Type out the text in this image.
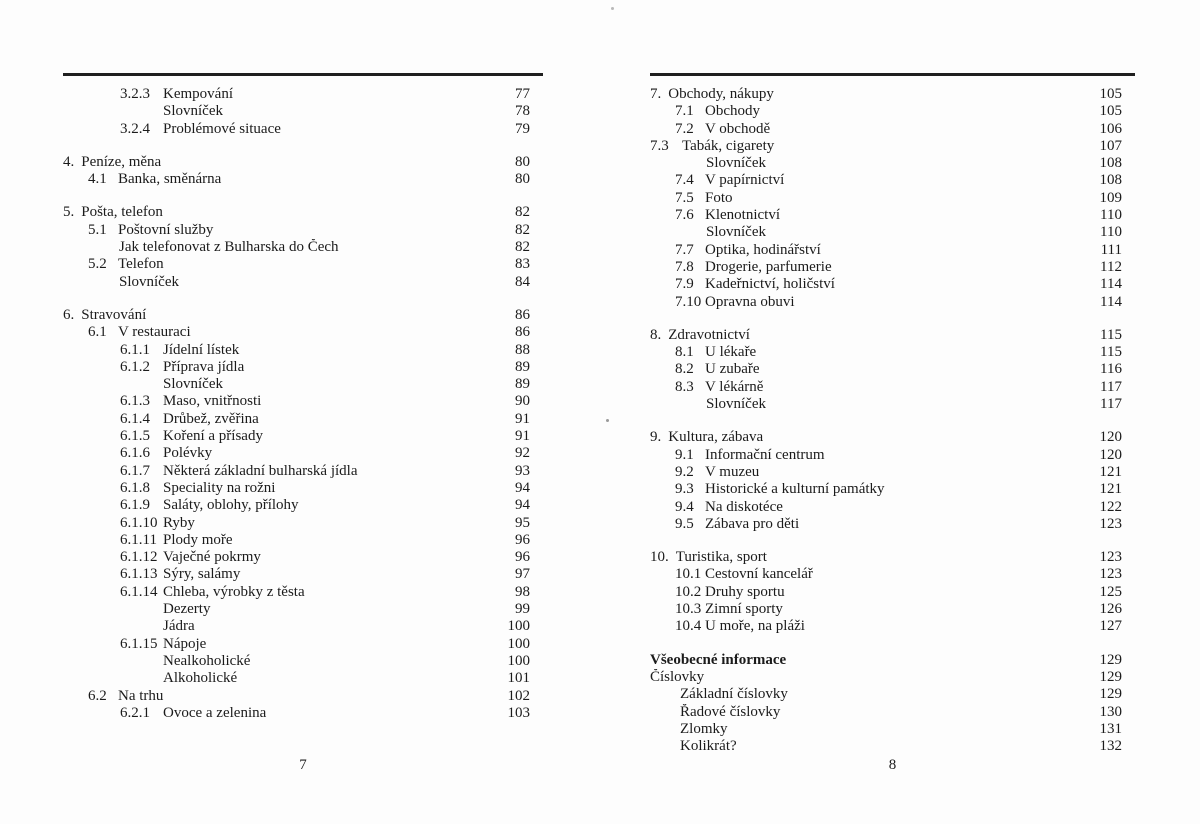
3.2.3 Kempování	77
Slovníček	78
3.2.4 Problémové situace	79
4. Peníze, měna	80
4.1 Banka, směnárna	80
5. Pošta, telefon	82
5.1 Poštovní služby	82
Jak telefonovat z Bulharska do Čech	82
5.2 Telefon	83
Slovníček	84
6. Stravování	86
6.1 V restauraci	86
6.1.1 Jídelní lístek	88
6.1.2 Příprava jídla	89
Slovníček	89
6.1.3 Maso, vnitřnosti	90
6.1.4 Drůbež, zvěřina	91
6.1.5 Koření a přísady	91
6.1.6 Polévky	92
6.1.7 Některá základní bulharská jídla	93
6.1.8 Speciality na rožni	94
6.1.9 Saláty, oblohy, přílohy	94
6.1.10 Ryby	95
6.1.11 Plody moře	96
6.1.12 Vaječné pokrmy	96
6.1.13 Sýry, salámy	97
6.1.14 Chleba, výrobky z těsta	98
Dezerty	99
Jádra	100
6.1.15 Nápoje	100
Nealkoholické	100
Alkoholické	101
6.2 Na trhu	102
6.2.1 Ovoce a zelenina	103
7
7. Obchody, nákupy	105
7.1 Obchody	105
7.2 V obchodě	106
7.3 Tabák, cigarety	107
Slovníček	108
7.4 V papírnictví	108
7.5 Foto	109
7.6 Klenotnictví	110
Slovníček	110
7.7 Optika, hodinářství	111
7.8 Drogerie, parfumerie	112
7.9 Kadeřnictví, holičství	114
7.10 Opravna obuvi	114
8. Zdravotnictví	115
8.1 U lékaře	115
8.2 U zubaře	116
8.3 V lékárně	117
Slovníček	117
9. Kultura, zábava	120
9.1 Informační centrum	120
9.2 V muzeu	121
9.3 Historické a kulturní památky	121
9.4 Na diskotéce	122
9.5 Zábava pro děti	123
10. Turistika, sport	123
10.1 Cestovní kancelář	123
10.2 Druhy sportu	125
10.3 Zimní sporty	126
10.4 U moře, na pláži	127
Všeobecné informace	129
Číslovky	129
Základní číslovky	129
Řadové číslovky	130
Zlomky	131
Kolikrát?	132
8
